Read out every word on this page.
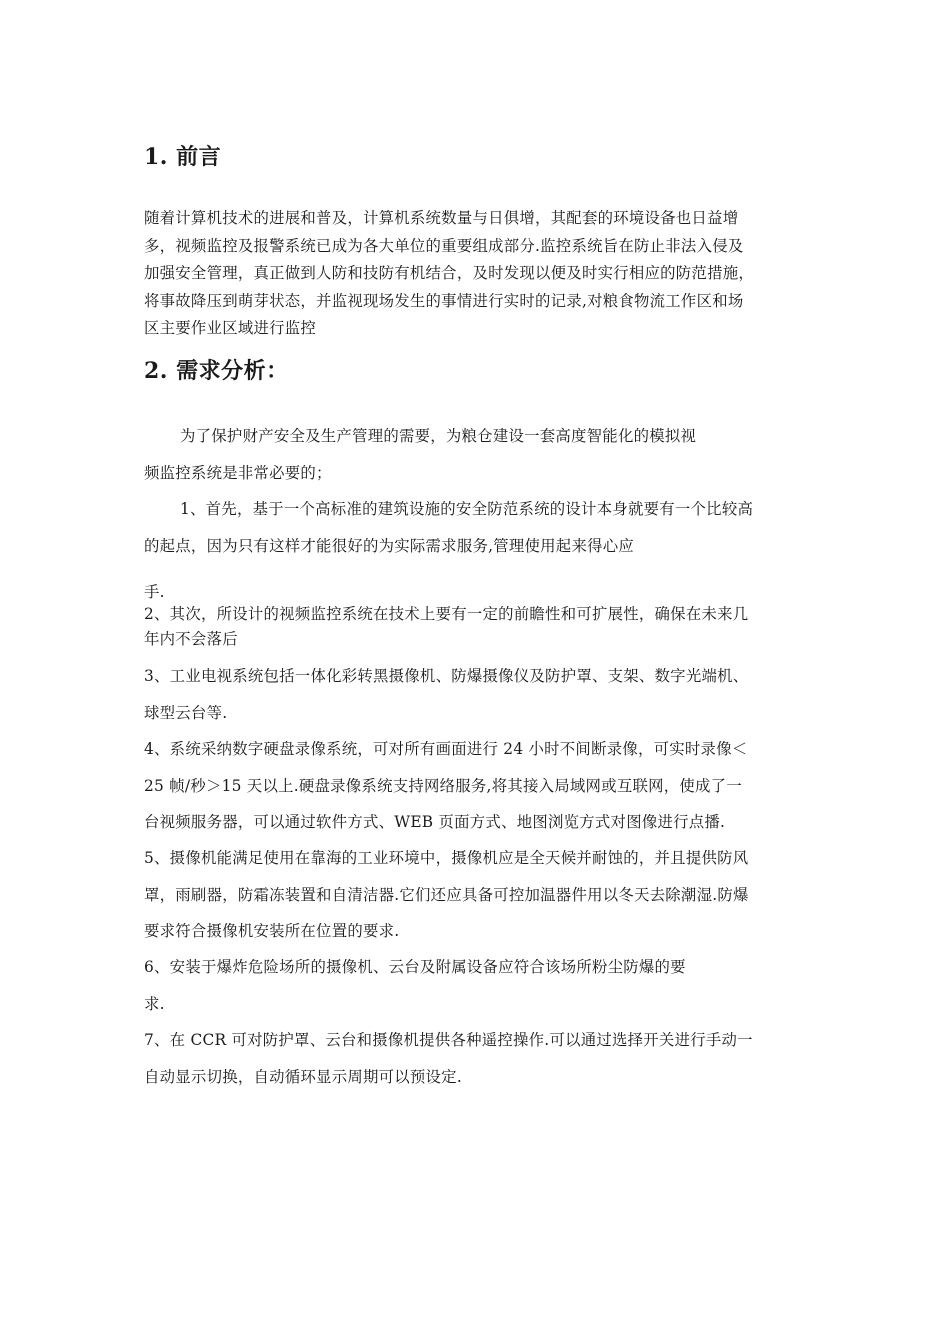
1. 前言
随着计算机技术的进展和普及，计算机系统数量与日俱增，其配套的环境设备也日益增
多，视频监控及报警系统已成为各大单位的重要组成部分.监控系统旨在防止非法入侵及
加强安全管理，真正做到人防和技防有机结合，及时发现以便及时实行相应的防范措施，
将事故降压到萌芽状态，并监视现场发生的事情进行实时的记录,对粮食物流工作区和场
区主要作业区域进行监控
2. 需求分析：
为了保护财产安全及生产管理的需要，为粮仓建设一套高度智能化的模拟视
频监控系统是非常必要的；
1、首先，基于一个高标准的建筑设施的安全防范系统的设计本身就要有一个比较高
的起点，因为只有这样才能很好的为实际需求服务,管理使用起来得心应
手.
2、其次，所设计的视频监控系统在技术上要有一定的前瞻性和可扩展性，确保在未来几
年内不会落后
3、工业电视系统包括一体化彩转黑摄像机、防爆摄像仪及防护罩、支架、数字光端机、
球型云台等.
4、系统采纳数字硬盘录像系统，可对所有画面进行 24 小时不间断录像，可实时录像＜
25 帧/秒＞15 天以上.硬盘录像系统支持网络服务,将其接入局域网或互联网，使成了一
台视频服务器，可以通过软件方式、WEB 页面方式、地图浏览方式对图像进行点播.
5、摄像机能满足使用在靠海的工业环境中，摄像机应是全天候并耐蚀的，并且提供防风
罩，雨刷器，防霜冻装置和自清洁器.它们还应具备可控加温器件用以冬天去除潮湿.防爆
要求符合摄像机安装所在位置的要求.
6、安装于爆炸危险场所的摄像机、云台及附属设备应符合该场所粉尘防爆的要
求.
7、在 CCR 可对防护罩、云台和摄像机提供各种遥控操作.可以通过选择开关进行手动一
自动显示切换，自动循环显示周期可以预设定.
